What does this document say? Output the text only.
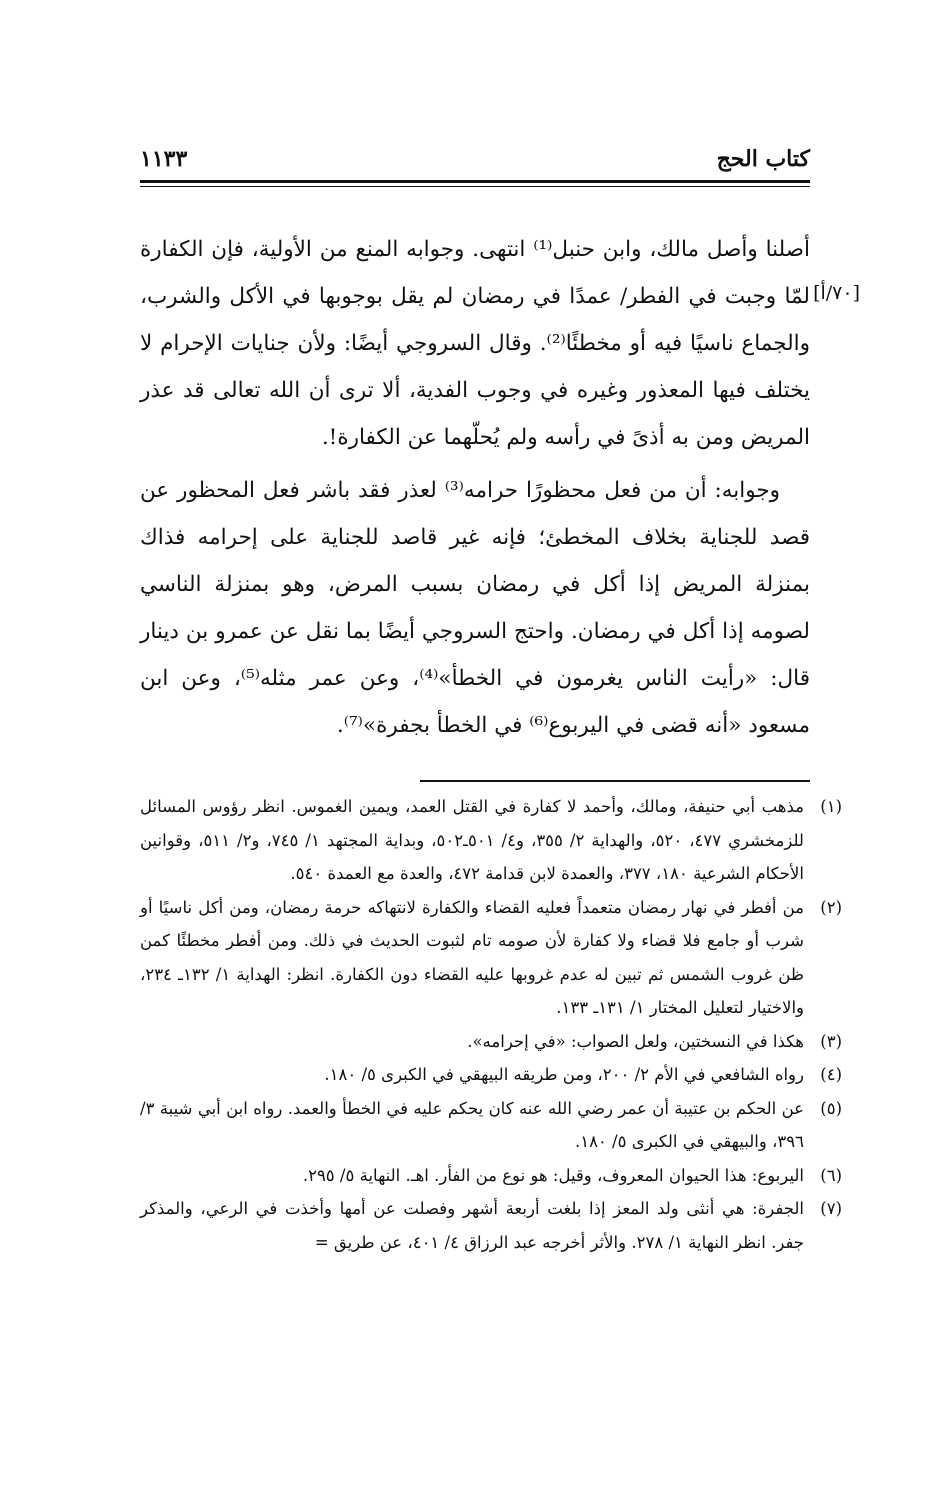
كتاب الحج
١١٣٣
[٧٠/أ]

أصلنا وأصل مالك، وابن حنبل⁽¹⁾ انتهى. وجوابه المنع من الأولية، فإن الكفارة لمّا وجبت في الفطر/ عمدًا في رمضان لم يقل بوجوبها في الأكل والشرب، والجماع ناسيًا فيه أو مخطئًا⁽²⁾. وقال السروجي أيضًا: ولأن جنايات الإحرام لا يختلف فيها المعذور وغيره في وجوب الفدية، ألا ترى أن الله تعالى قد عذر المريض ومن به أذىً في رأسه ولم يُحلّهما عن الكفارة!.

وجوابه: أن من فعل محظورًا حرامه⁽³⁾ لعذر فقد باشر فعل المحظور عن قصد للجناية بخلاف المخطئ؛ فإنه غير قاصد للجناية على إحرامه فذاك بمنزلة المريض إذا أكل في رمضان بسبب المرض، وهو بمنزلة الناسي لصومه إذا أكل في رمضان. واحتج السروجي أيضًا بما نقل عن عمرو بن دينار قال: «رأيت الناس يغرمون في الخطأ»⁽⁴⁾، وعن عمر مثله⁽⁵⁾، وعن ابن مسعود «أنه قضى في اليربوع⁽⁶⁾ في الخطأ بجفرة»⁽⁷⁾.

(١)
مذهب أبي حنيفة، ومالك، وأحمد لا كفارة في القتل العمد، ويمين الغموس. انظر رؤوس المسائل للزمخشري ٤٧٧، ٥٢٠، والهداية ٢/ ٣٥٥، و٤/ ٥٠١ـ٥٠٢، وبداية المجتهد ١/ ٧٤٥، و٢/ ٥١١، وقوانين الأحكام الشرعية ١٨٠، ٣٧٧، والعمدة لابن قدامة ٤٧٢، والعدة مع العمدة ٥٤٠.
(٢)
من أفطر في نهار رمضان متعمداً فعليه القضاء والكفارة لانتهاكه حرمة رمضان، ومن أكل ناسيًا أو شرب أو جامع فلا قضاء ولا كفارة لأن صومه تام لثبوت الحديث في ذلك. ومن أفطر مخطئًا كمن ظن غروب الشمس ثم تبين له عدم غروبها عليه القضاء دون الكفارة. انظر: الهداية ١/ ١٣٢ـ ٢٣٤، والاختيار لتعليل المختار ١/ ١٣١ـ ١٣٣.
(٣)
هكذا في النسختين، ولعل الصواب: «في إحرامه».
(٤)
رواه الشافعي في الأم ٢/ ٢٠٠، ومن طريقه البيهقي في الكبرى ٥/ ١٨٠.
(٥)
عن الحكم بن عتيبة أن عمر رضي الله عنه كان يحكم عليه في الخطأ والعمد. رواه ابن أبي شيبة ٣/ ٣٩٦، والبيهقي في الكبرى ٥/ ١٨٠.
(٦)
اليربوع: هذا الحيوان المعروف، وقيل: هو نوع من الفأر. اهـ. النهاية ٥/ ٢٩٥.
(٧)
الجفرة: هي أنثى ولد المعز إذا بلغت أربعة أشهر وفصلت عن أمها وأخذت في الرعي، والمذكر جفر. انظر النهاية ١/ ٢٧٨. والأثر أخرجه عبد الرزاق ٤/ ٤٠١، عن طريق =
